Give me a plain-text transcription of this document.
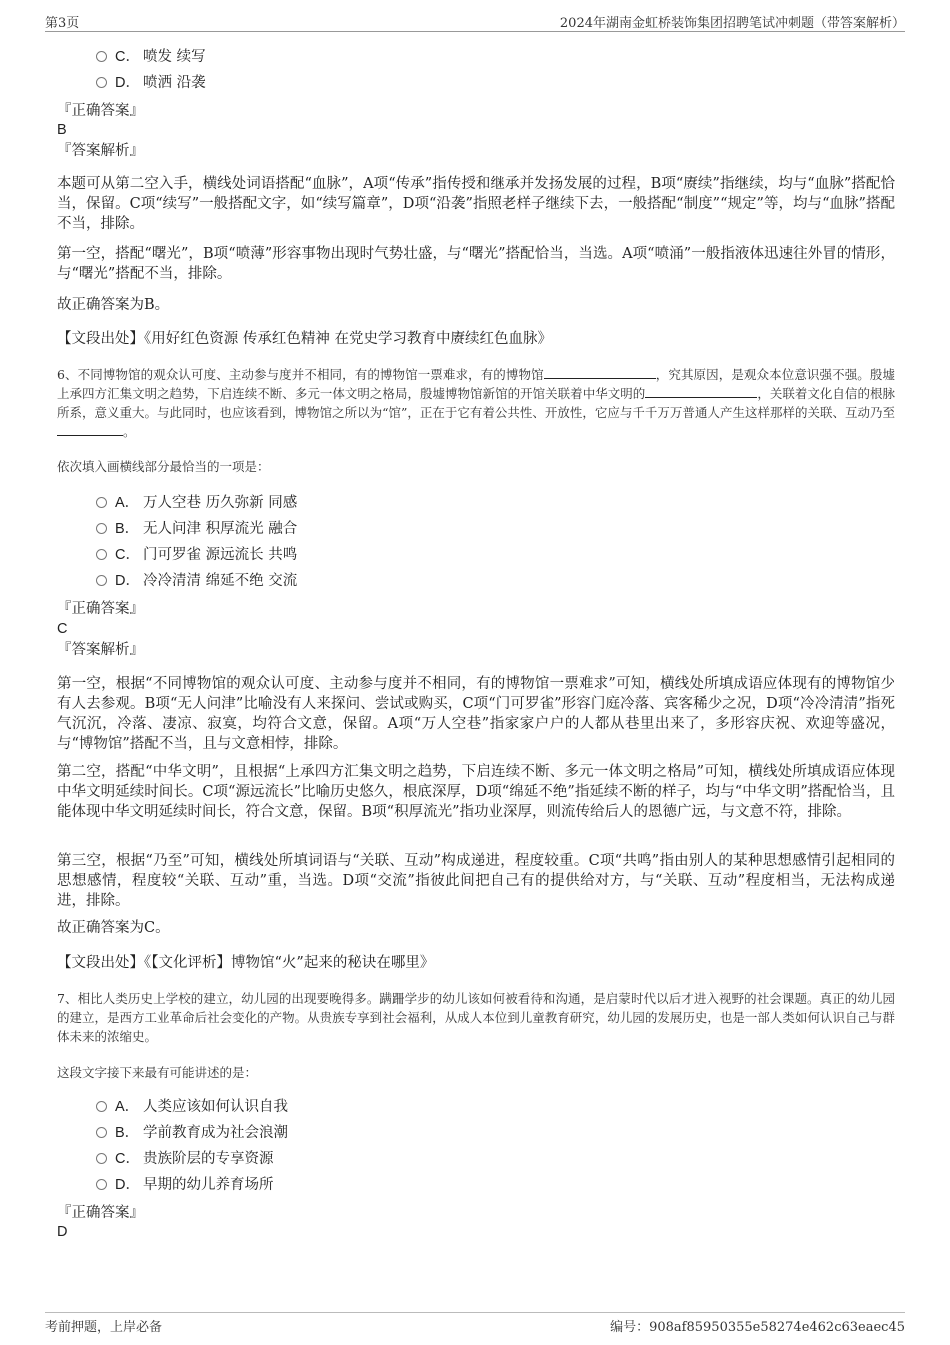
第3页	2024年湖南金虹桥装饰集团招聘笔试冲刺题（带答案解析）
C． 喷发 续写
D． 喷洒 沿袭
『正确答案』
B
『答案解析』
本题可从第二空入手，横线处词语搭配“血脉”，A项“传承”指传授和继承并发扬发展的过程，B项“赓续”指继续，均与“血脉”搭配恰当，保留。C项“续写”一般搭配文字，如“续写篇章”，D项“沿袭”指照老样子继续下去，一般搭配“制度”“规定”等，均与“血脉”搭配不当，排除。
第一空，搭配“曙光”，B项“喷薄”形容事物出现时气势壮盛，与“曙光”搭配恰当，当选。A项“喷涌”一般指液体迅速往外冒的情形，与“曙光”搭配不当，排除。
故正确答案为B。
【文段出处】《用好红色资源 传承红色精神 在党史学习教育中赓续红色血脉》
6、不同博物馆的观众认可度、主动参与度并不相同，有的博物馆一票难求，有的博物馆	，究其原因，是观众本位意识强不强。殷墟上承四方汇集文明之趋势，下启连续不断、多元一体文明之格局，殷墟博物馆新馆的开馆关联着中华文明的	，关联着文化自信的根脉所系，意义重大。与此同时，也应该看到，博物馆之所以为“馆”，正在于它有着公共性、开放性，它应与千千万万普通人产生这样那样的关联、互动乃至。
依次填入画横线部分最恰当的一项是：
A． 万人空巷 历久弥新 同感
B． 无人问津 积厚流光 融合
C． 门可罗雀 源远流长 共鸣
D． 冷冷清清 绵延不绝 交流
『正确答案』
C
『答案解析』
第一空，根据“不同博物馆的观众认可度、主动参与度并不相同，有的博物馆一票难求”可知，横线处所填成语应体现有的博物馆少有人去参观。B项“无人问津”比喻没有人来探问、尝试或购买，C项“门可罗雀”形容门庭冷落、宾客稀少之况，D项“冷冷清清”指死气沉沉，冷落、凄凉、寂寞，均符合文意，保留。A项“万人空巷”指家家户户的人都从巷里出来了，多形容庆祝、欢迎等盛况，与“博物馆”搭配不当，且与文意相悖，排除。
第二空，搭配“中华文明”，且根据“上承四方汇集文明之趋势，下启连续不断、多元一体文明之格局”可知，横线处所填成语应体现中华文明延续时间长。C项“源远流长”比喻历史悠久，根底深厚，D项“绵延不绝”指延续不断的样子，均与“中华文明”搭配恰当，且能体现中华文明延续时间长，符合文意，保留。B项“积厚流光”指功业深厚，则流传给后人的恩德广远，与文意不符，排除。
第三空，根据“乃至”可知，横线处所填词语与“关联、互动”构成递进，程度较重。C项“共鸣”指由别人的某种思想感情引起相同的思想感情，程度较“关联、互动”重，当选。D项“交流”指彼此间把自己有的提供给对方，与“关联、互动”程度相当，无法构成递进，排除。
故正确答案为C。
【文段出处】《【文化评析】博物馆“火”起来的秘诀在哪里》
7、相比人类历史上学校的建立，幼儿园的出现要晚得多。蹒跚学步的幼儿该如何被看待和沟通，是启蒙时代以后才进入视野的社会课题。真正的幼儿园的建立，是西方工业革命后社会变化的产物。从贵族专享到社会福利，从成人本位到儿童教育研究，幼儿园的发展历史，也是一部人类如何认识自己与群体未来的浓缩史。
这段文字接下来最有可能讲述的是：
A． 人类应该如何认识自我
B． 学前教育成为社会浪潮
C． 贵族阶层的专享资源
D． 早期的幼儿养育场所
『正确答案』
D
考前押题，上岸必备	编号：908af85950355e58274e462c63eaec45
